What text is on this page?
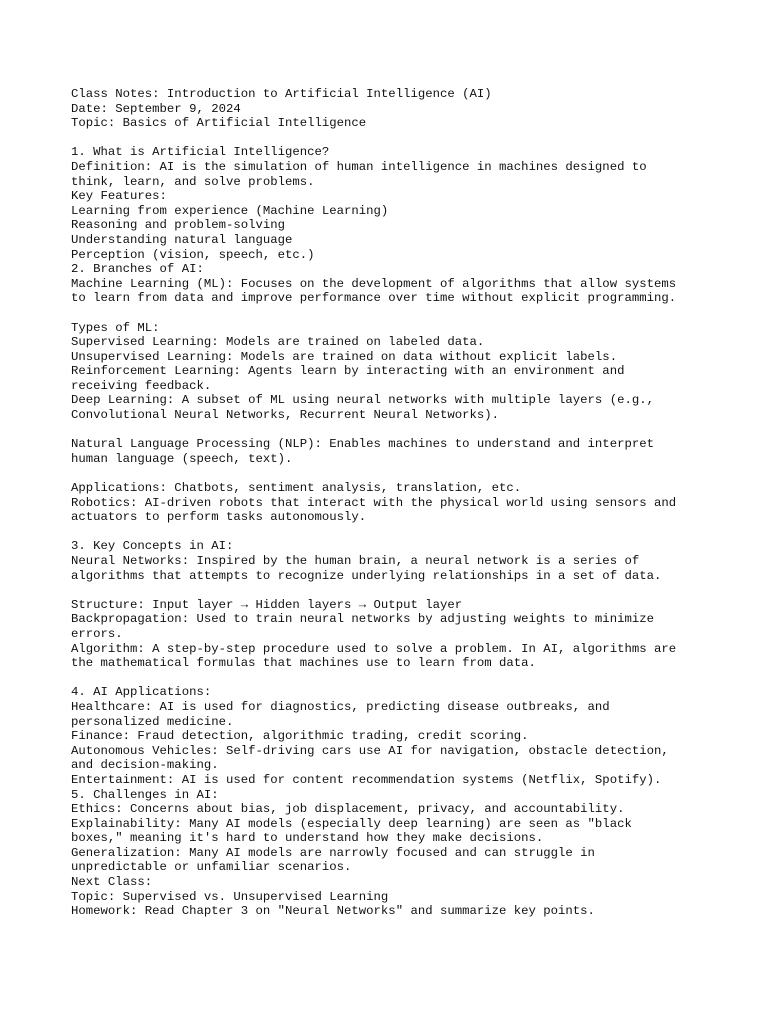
Class Notes: Introduction to Artificial Intelligence (AI)
Date: September 9, 2024
Topic: Basics of Artificial Intelligence
1. What is Artificial Intelligence?
Definition: AI is the simulation of human intelligence in machines designed to
think, learn, and solve problems.
Key Features:
Learning from experience (Machine Learning)
Reasoning and problem-solving
Understanding natural language
Perception (vision, speech, etc.)
2. Branches of AI:
Machine Learning (ML): Focuses on the development of algorithms that allow systems
to learn from data and improve performance over time without explicit programming.
Types of ML:
Supervised Learning: Models are trained on labeled data.
Unsupervised Learning: Models are trained on data without explicit labels.
Reinforcement Learning: Agents learn by interacting with an environment and
receiving feedback.
Deep Learning: A subset of ML using neural networks with multiple layers (e.g.,
Convolutional Neural Networks, Recurrent Neural Networks).
Natural Language Processing (NLP): Enables machines to understand and interpret
human language (speech, text).
Applications: Chatbots, sentiment analysis, translation, etc.
Robotics: AI-driven robots that interact with the physical world using sensors and
actuators to perform tasks autonomously.
3. Key Concepts in AI:
Neural Networks: Inspired by the human brain, a neural network is a series of
algorithms that attempts to recognize underlying relationships in a set of data.
Structure: Input layer → Hidden layers → Output layer
Backpropagation: Used to train neural networks by adjusting weights to minimize
errors.
Algorithm: A step-by-step procedure used to solve a problem. In AI, algorithms are
the mathematical formulas that machines use to learn from data.
4. AI Applications:
Healthcare: AI is used for diagnostics, predicting disease outbreaks, and
personalized medicine.
Finance: Fraud detection, algorithmic trading, credit scoring.
Autonomous Vehicles: Self-driving cars use AI for navigation, obstacle detection,
and decision-making.
Entertainment: AI is used for content recommendation systems (Netflix, Spotify).
5. Challenges in AI:
Ethics: Concerns about bias, job displacement, privacy, and accountability.
Explainability: Many AI models (especially deep learning) are seen as "black
boxes," meaning it's hard to understand how they make decisions.
Generalization: Many AI models are narrowly focused and can struggle in
unpredictable or unfamiliar scenarios.
Next Class:
Topic: Supervised vs. Unsupervised Learning
Homework: Read Chapter 3 on "Neural Networks" and summarize key points.
